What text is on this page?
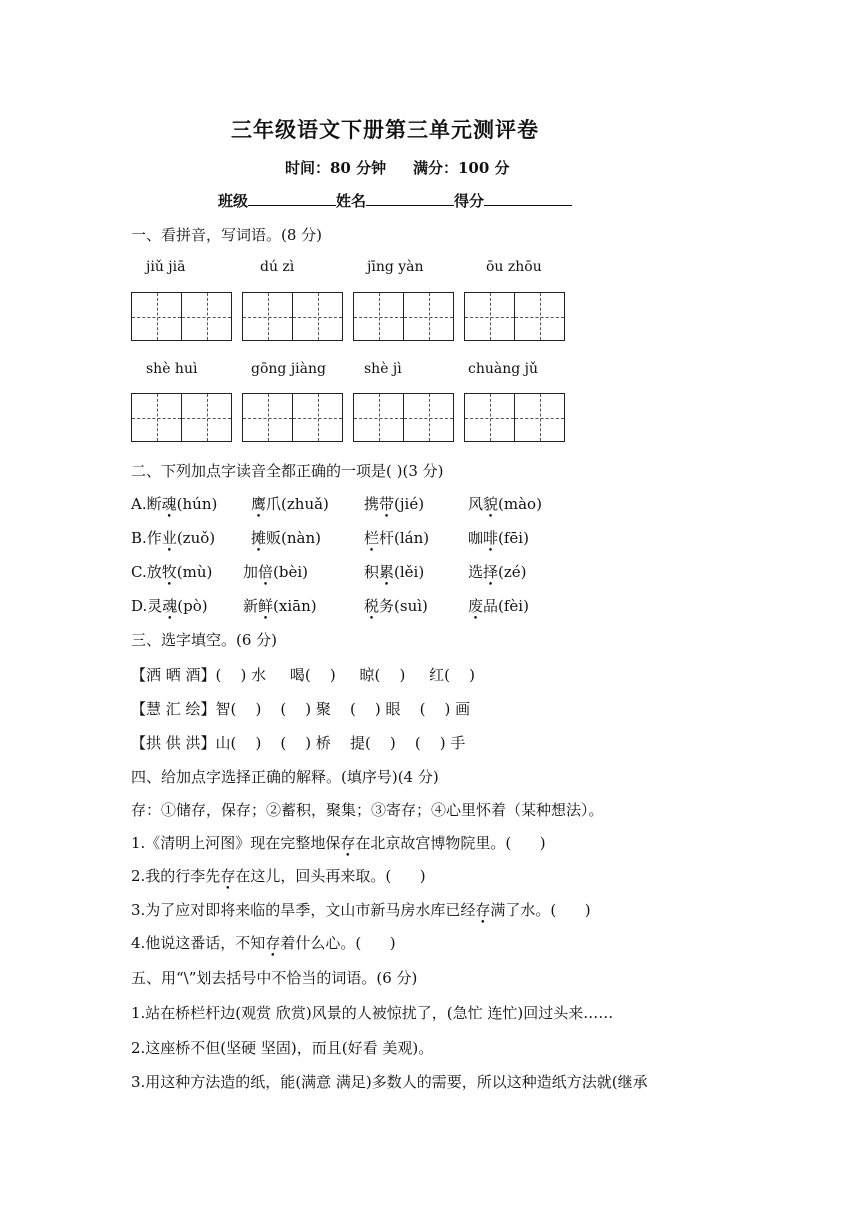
三年级语文下册第三单元测评卷
时间：80 分钟 满分：100 分
班级	姓名	得分
一、看拼音，写词语。(8 分)
jiǔ jiā	dú zì	jīng yàn	ōu zhōu
shè huì	gōng jiàng	shè jì	chuàng jǔ
二、下列加点字读音全都正确的一项是( )(3 分)
A.断魂(hún) 鹰爪(zhuǎ) 携带(jié)	风貌(mào)
B.作业(zuǒ) 摊贩(nàn)	栏杆(lán)	咖啡(fēi)
C.放牧(mù) 加倍(bèi)	积累(lěi)	选择(zé)
D.灵魂(pò) 新鲜(xiān)	税务(suì)	废品(fèi)
三、选字填空。(6 分)
【洒 晒 酒】(    ) 水     喝(    )     晾(    )     红(    )
【慧 汇 绘】智(    )    (    ) 聚    (    ) 眼    (    ) 画
【拱 供 洪】山(    )    (    ) 桥    提(    )    (    ) 手
四、给加点字选择正确的解释。(填序号)(4 分)
存：①储存，保存；②蓄积，聚集；③寄存；④心里怀着（某种想法）。
1.《清明上河图》现在完整地保存在北京故宫博物院里。(      )
2.我的行李先存在这儿，回头再来取。(      )
3.为了应对即将来临的旱季，文山市新马房水库已经存满了水。(      )
4.他说这番话，不知存着什么心。(      )
五、用“\”划去括号中不恰当的词语。(6 分)
1.站在桥栏杆边(观赏 欣赏)风景的人被惊扰了，(急忙 连忙)回过头来……
2.这座桥不但(坚硬 坚固)，而且(好看 美观)。
3.用这种方法造的纸，能(满意 满足)多数人的需要，所以这种造纸方法就(继承
